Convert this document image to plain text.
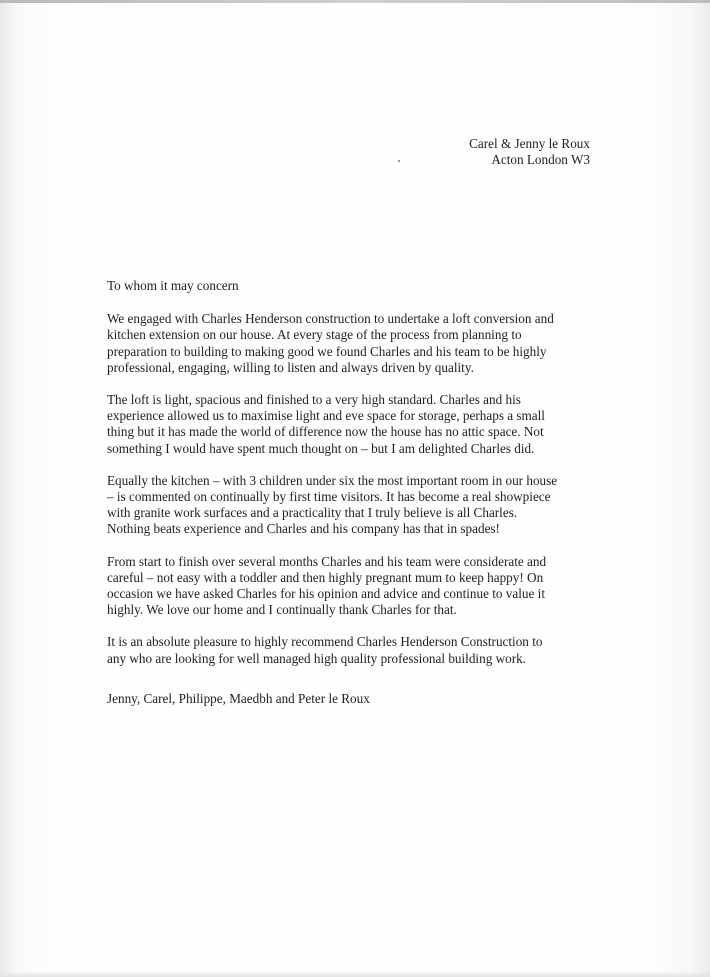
Carel & Jenny le Roux
Acton London W3
To whom it may concern
We engaged with Charles Henderson construction to undertake a loft conversion and
kitchen extension on our house. At every stage of the process from planning to
preparation to building to making good we found Charles and his team to be highly
professional, engaging, willing to listen and always driven by quality.
The loft is light, spacious and finished to a very high standard. Charles and his
experience allowed us to maximise light and eve space for storage, perhaps a small
thing but it has made the world of difference now the house has no attic space. Not
something I would have spent much thought on – but I am delighted Charles did.
Equally the kitchen – with 3 children under six the most important room in our house
– is commented on continually by first time visitors. It has become a real showpiece
with granite work surfaces and a practicality that I truly believe is all Charles.
Nothing beats experience and Charles and his company has that in spades!
From start to finish over several months Charles and his team were considerate and
careful – not easy with a toddler and then highly pregnant mum to keep happy! On
occasion we have asked Charles for his opinion and advice and continue to value it
highly. We love our home and I continually thank Charles for that.
It is an absolute pleasure to highly recommend Charles Henderson Construction to
any who are looking for well managed high quality professional building work.
Jenny, Carel, Philippe, Maedbh and Peter le Roux
